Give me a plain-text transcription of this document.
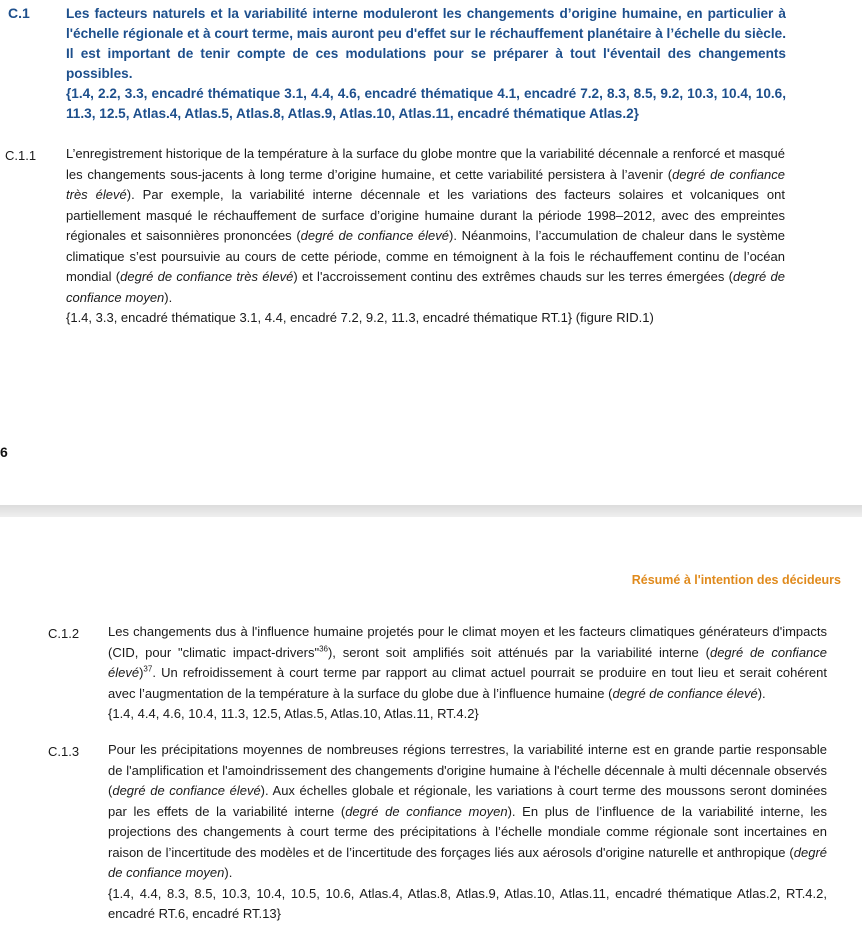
C.1	Les facteurs naturels et la variabilité interne moduleront les changements d’origine humaine, en particulier à l'échelle régionale et à court terme, mais auront peu d'effet sur le réchauffement planétaire à l’échelle du siècle. Il est important de tenir compte de ces modulations pour se préparer à tout l'éventail des changements possibles.
{1.4, 2.2, 3.3, encadré thématique 3.1, 4.4, 4.6, encadré thématique 4.1, encadré 7.2, 8.3, 8.5, 9.2, 10.3, 10.4, 10.6, 11.3, 12.5, Atlas.4, Atlas.5, Atlas.8, Atlas.9, Atlas.10, Atlas.11, encadré thématique Atlas.2}
C.1.1 L’enregistrement historique de la température à la surface du globe montre que la variabilité décennale a renforcé et masqué les changements sous-jacents à long terme d’origine humaine, et cette variabilité persistera à l’avenir (degré de confiance très élevé). Par exemple, la variabilité interne décennale et les variations des facteurs solaires et volcaniques ont partiellement masqué le réchauffement de surface d’origine humaine durant la période 1998–2012, avec des empreintes régionales et saisonnières prononcées (degré de confiance élevé). Néanmoins, l’accumulation de chaleur dans le système climatique s’est poursuivie au cours de cette période, comme en témoignent à la fois le réchauffement continu de l’océan mondial (degré de confiance très élevé) et l'accroissement continu des extrêmes chauds sur les terres émergées (degré de confiance moyen).
{1.4, 3.3, encadré thématique 3.1, 4.4, encadré 7.2, 9.2, 11.3, encadré thématique RT.1} (figure RID.1)
6
Résumé à l'intention des décideurs
C.1.2 Les changements dus à l'influence humaine projetés pour le climat moyen et les facteurs climatiques générateurs d'impacts (CID, pour "climatic impact-drivers"$^{36}$), seront soit amplifiés soit atténués par la variabilité interne (degré de confiance élevé)$^{37}$. Un refroidissement à court terme par rapport au climat actuel pourrait se produire en tout lieu et serait cohérent avec l’augmentation de la température à la surface du globe due à l’influence humaine (degré de confiance élevé).
{1.4, 4.4, 4.6, 10.4, 11.3, 12.5, Atlas.5, Atlas.10, Atlas.11, RT.4.2}
C.1.3 Pour les précipitations moyennes de nombreuses régions terrestres, la variabilité interne est en grande partie responsable de l'amplification et l'amoindrissement des changements d'origine humaine à l'échelle décennale à multi décennale observés (degré de confiance élevé). Aux échelles globale et régionale, les variations à court terme des moussons seront dominées par les effets de la variabilité interne (degré de confiance moyen). En plus de l’influence de la variabilité interne, les projections des changements à court terme des précipitations à l’échelle mondiale comme régionale sont incertaines en raison de l’incertitude des modèles et de l’incertitude des forçages liés aux aérosols d'origine naturelle et anthropique (degré de confiance moyen).
{1.4, 4.4, 8.3, 8.5, 10.3, 10.4, 10.5, 10.6, Atlas.4, Atlas.8, Atlas.9, Atlas.10, Atlas.11, encadré thématique Atlas.2, RT.4.2, encadré RT.6, encadré RT.13}
